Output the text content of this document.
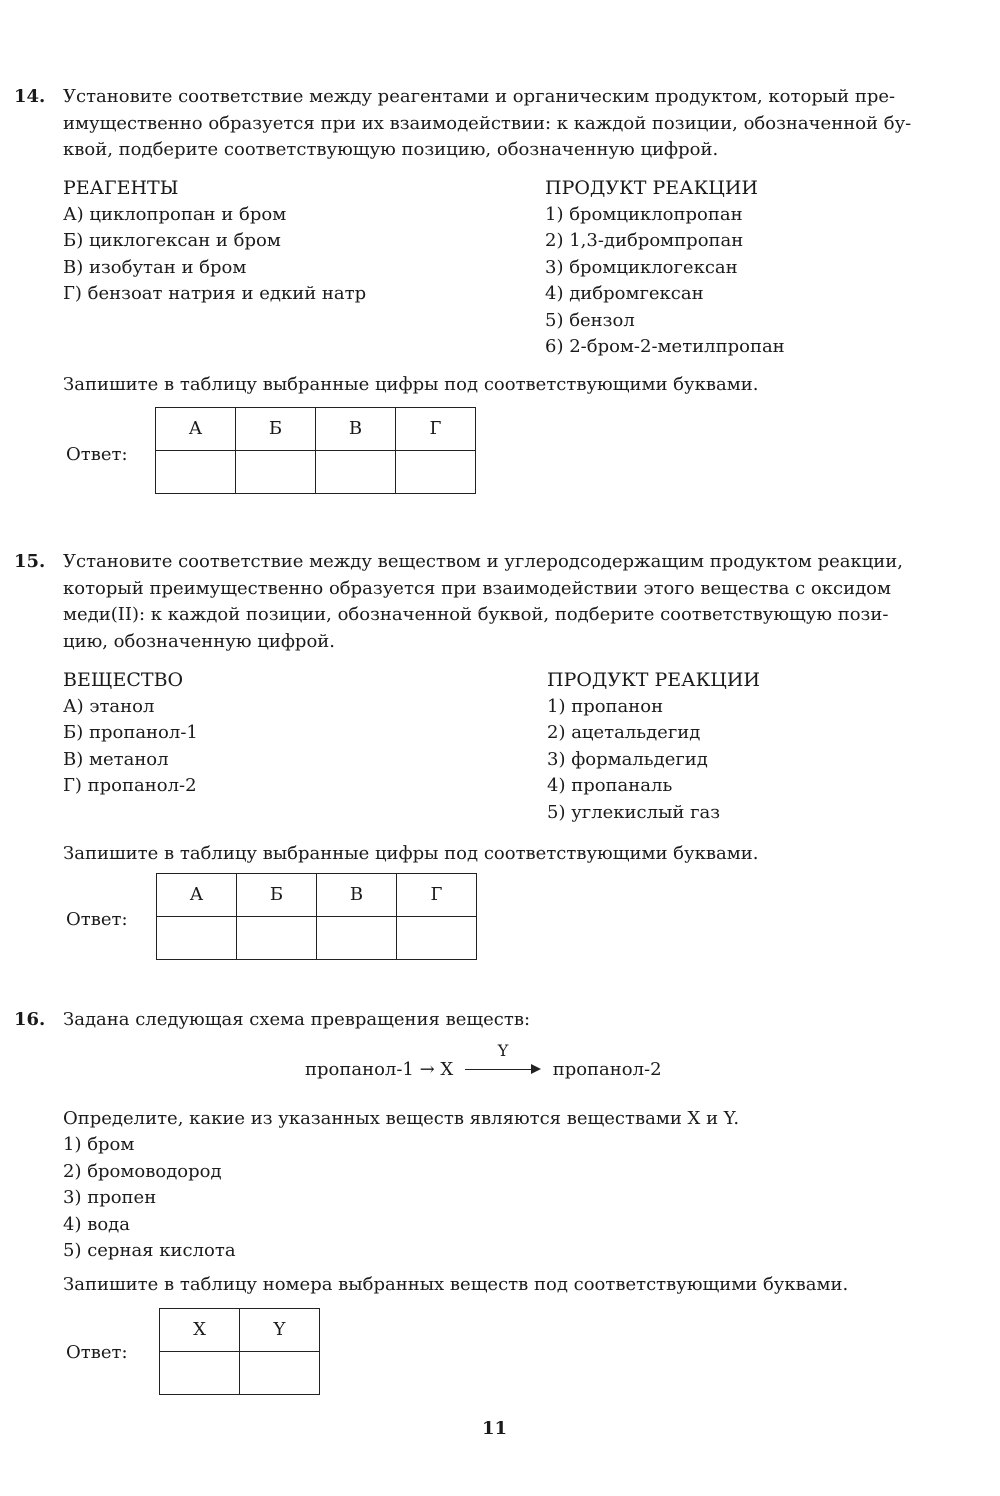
14. Установите соответствие между реагентами и органическим продуктом, который пре-
имущественно образуется при их взаимодействии: к каждой позиции, обозначенной бу-
квой, подберите соответствующую позицию, обозначенную цифрой.
РЕАГЕНТЫ
А) циклопропан и бром
Б) циклогексан и бром
В) изобутан и бром
Г) бензоат натрия и едкий натр
ПРОДУКТ РЕАКЦИИ
1) бромциклопропан
2) 1,3-дибромпропан
3) бромциклогексан
4) дибромгексан
5) бензол
6) 2-бром-2-метилпропан
Запишите в таблицу выбранные цифры под соответствующими буквами.
Ответ:
А	Б	В	Г

15. Установите соответствие между веществом и углеродсодержащим продуктом реакции,
который преимущественно образуется при взаимодействии этого вещества с оксидом
меди(II): к каждой позиции, обозначенной буквой, подберите соответствующую пози-
цию, обозначенную цифрой.
ВЕЩЕСТВО
А) этанол
Б) пропанол-1
В) метанол
Г) пропанол-2
ПРОДУКТ РЕАКЦИИ
1) пропанон
2) ацетальдегид
3) формальдегид
4) пропаналь
5) углекислый газ
Запишите в таблицу выбранные цифры под соответствующими буквами.
Ответ:
А	Б	В	Г

16. Задана следующая схема превращения веществ:
пропанол-1 → X
Y
пропанол-2
Определите, какие из указанных веществ являются веществами X и Y.
1) бром
2) бромоводород
3) пропен
4) вода
5) серная кислота
Запишите в таблицу номера выбранных веществ под соответствующими буквами.
Ответ:
X	Y

11
